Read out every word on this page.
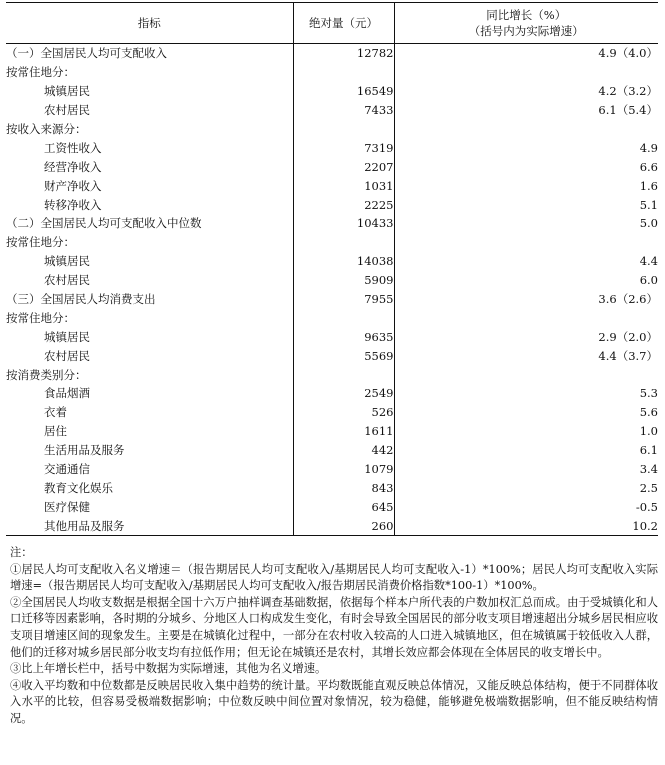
指标	绝对量（元）	同比增长（%）
（括号内为实际增速）

（一）全国居民人均可支配收入	12782	4.9（4.0）
按常住地分：		
城镇居民	16549	4.2（3.2）
农村居民	7433	6.1（5.4）
按收入来源分：		
工资性收入	7319	4.9
经营净收入	2207	6.6
财产净收入	1031	1.6
转移净收入	2225	5.1
（二）全国居民人均可支配收入中位数	10433	5.0
按常住地分：		
城镇居民	14038	4.4
农村居民	5909	6.0
（三）全国居民人均消费支出	7955	3.6（2.6）
按常住地分：		
城镇居民	9635	2.9（2.0）
农村居民	5569	4.4（3.7）
按消费类别分：		
食品烟酒	2549	5.3
衣着	526	5.6
居住	1611	1.0
生活用品及服务	442	6.1
交通通信	1079	3.4
教育文化娱乐	843	2.5
医疗保健	645	-0.5
其他用品及服务	260	10.2

注：

①居民人均可支配收入名义增速＝（报告期居民人均可支配收入/基期居民人均可支配收入-1）*100%；居民人均可支配收入实际增速=（报告期居民人均可支配收入/基期居民人均可支配收入/报告期居民消费价格指数*100-1）*100%。

②全国居民人均收支数据是根据全国十六万户抽样调查基础数据，依据每个样本户所代表的户数加权汇总而成。由于受城镇化和人口迁移等因素影响，各时期的分城乡、分地区人口构成发生变化，有时会导致全国居民的部分收支项目增速超出分城乡居民相应收支项目增速区间的现象发生。主要是在城镇化过程中，一部分在农村收入较高的人口进入城镇地区，但在城镇属于较低收入人群，他们的迁移对城乡居民部分收支均有拉低作用；但无论在城镇还是农村，其增长效应都会体现在全体居民的收支增长中。

③比上年增长栏中，括号中数据为实际增速，其他为名义增速。

④收入平均数和中位数都是反映居民收入集中趋势的统计量。平均数既能直观反映总体情况，又能反映总体结构，便于不同群体收入水平的比较，但容易受极端数据影响；中位数反映中间位置对象情况，较为稳健，能够避免极端数据影响，但不能反映结构情况。
